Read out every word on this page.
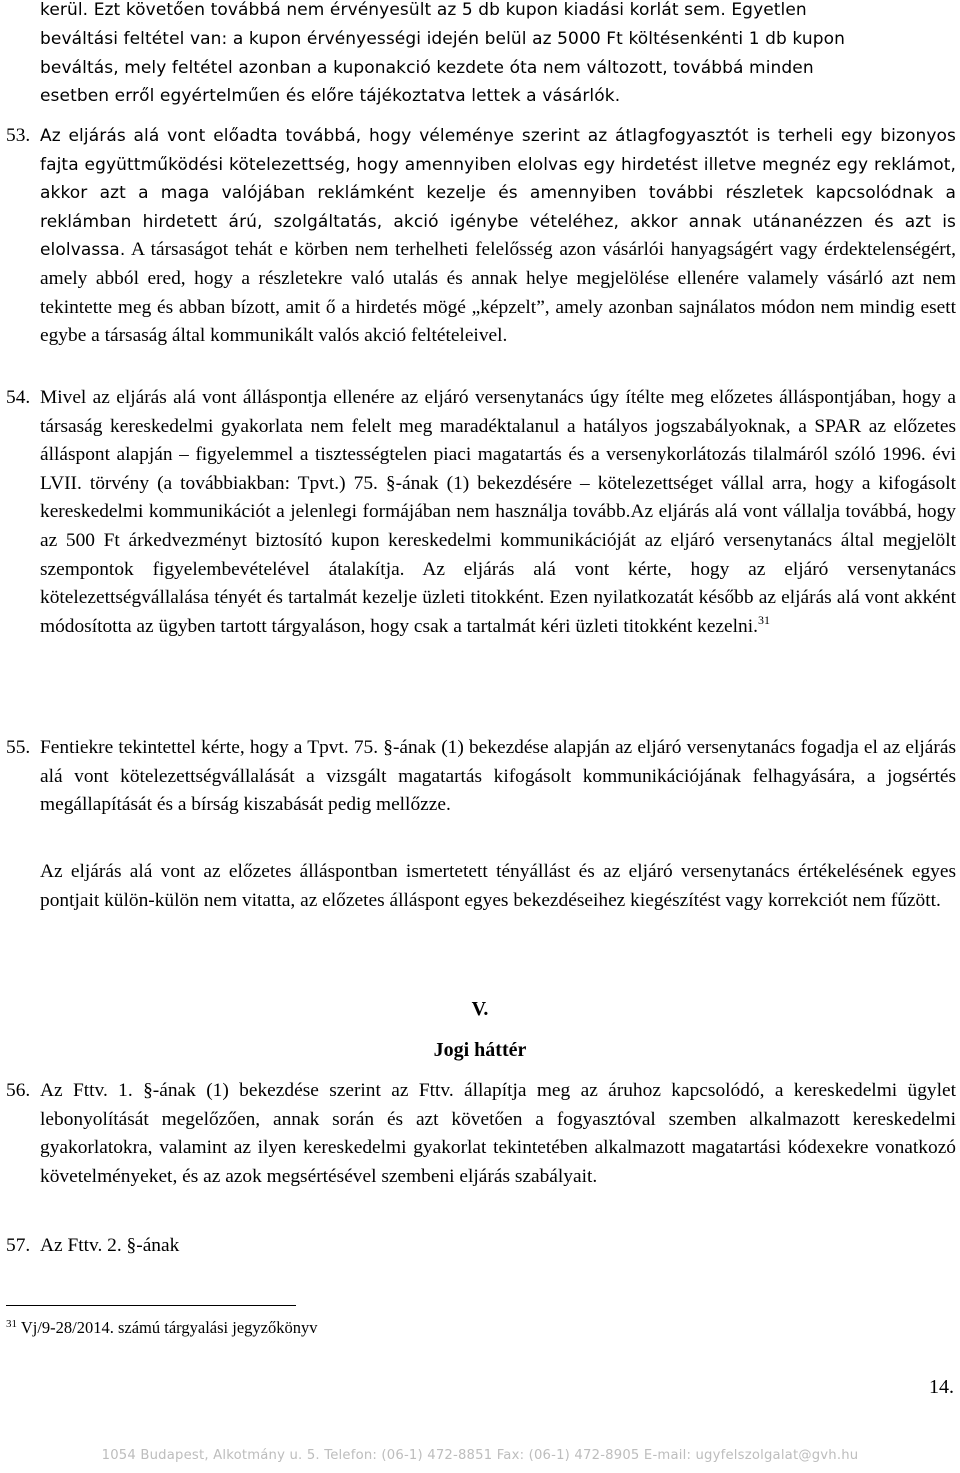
kerül. Ezt követően továbbá nem érvényesült az 5 db kupon kiadási korlát sem. Egyetlen
beváltási feltétel van: a kupon érvényességi idején belül az 5000 Ft költésenkénti 1 db kupon
beváltás, mely feltétel azonban a kuponakció kezdete óta nem változott, továbbá minden
esetben erről egyértelműen és előre tájékoztatva lettek a vásárlók.
53. Az eljárás alá vont előadta továbbá, hogy véleménye szerint az átlagfogyasztót is terheli egy bizonyos fajta együttműködési kötelezettség, hogy amennyiben elolvas egy hirdetést illetve megnéz egy reklámot, akkor azt a maga valójában reklámként kezelje és amennyiben további részletek kapcsolódnak a reklámban hirdetett árú, szolgáltatás, akció igénybe vételéhez, akkor annak utánanézzen és azt is elolvassa. A társaságot tehát e körben nem terhelheti felelősség azon vásárlói hanyagságért vagy érdektelenségért, amely abból ered, hogy a részletekre való utalás és annak helye megjelölése ellenére valamely vásárló azt nem tekintette meg és abban bízott, amit ő a hirdetés mögé „képzelt”, amely azonban sajnálatos módon nem mindig esett egybe a társaság által kommunikált valós akció feltételeivel.
54. Mivel az eljárás alá vont álláspontja ellenére az eljáró versenytanács úgy ítélte meg előzetes álláspontjában, hogy a társaság kereskedelmi gyakorlata nem felelt meg maradéktalanul a hatályos jogszabályoknak, a SPAR az előzetes álláspont alapján – figyelemmel a tisztességtelen piaci magatartás és a versenykorlátozás tilalmáról szóló 1996. évi LVII. törvény (a továbbiakban: Tpvt.) 75. §-ának (1) bekezdésére – kötelezettséget vállal arra, hogy a kifogásolt kereskedelmi kommunikációt a jelenlegi formájában nem használja tovább.Az eljárás alá vont vállalja továbbá, hogy az 500 Ft árkedvezményt biztosító kupon kereskedelmi kommunikációját az eljáró versenytanács által megjelölt szempontok figyelembevételével átalakítja. Az eljárás alá vont kérte, hogy az eljáró versenytanács kötelezettségvállalása tényét és tartalmát kezelje üzleti titokként. Ezen nyilatkozatát később az eljárás alá vont akként módosította az ügyben tartott tárgyaláson, hogy csak a tartalmát kéri üzleti titokként kezelni.$^{31}$
55. Fentiekre tekintettel kérte, hogy a Tpvt. 75. §-ának (1) bekezdése alapján az eljáró versenytanács fogadja el az eljárás alá vont kötelezettségvállalását a vizsgált magatartás kifogásolt kommunikációjának felhagyására, a jogsértés megállapítását és a bírság kiszabását pedig mellőzze.
Az eljárás alá vont az előzetes álláspontban ismertetett tényállást és az eljáró versenytanács értékelésének egyes pontjait külön-külön nem vitatta, az előzetes álláspont egyes bekezdéseihez kiegészítést vagy korrekciót nem fűzött.
V.
Jogi háttér
56. Az Fttv. 1. §-ának (1) bekezdése szerint az Fttv. állapítja meg az áruhoz kapcsolódó, a kereskedelmi ügylet lebonyolítását megelőzően, annak során és azt követően a fogyasztóval szemben alkalmazott kereskedelmi gyakorlatokra, valamint az ilyen kereskedelmi gyakorlat tekintetében alkalmazott magatartási kódexekre vonatkozó követelményeket, és az azok megsértésével szembeni eljárás szabályait.
57. Az Fttv. 2. §-ának
$^{31}$ Vj/9-28/2014. számú tárgyalási jegyzőkönyv
14.
1054 Budapest, Alkotmány u. 5. Telefon: (06-1) 472-8851 Fax: (06-1) 472-8905 E-mail: ugyfelszolgalat@gvh.hu
